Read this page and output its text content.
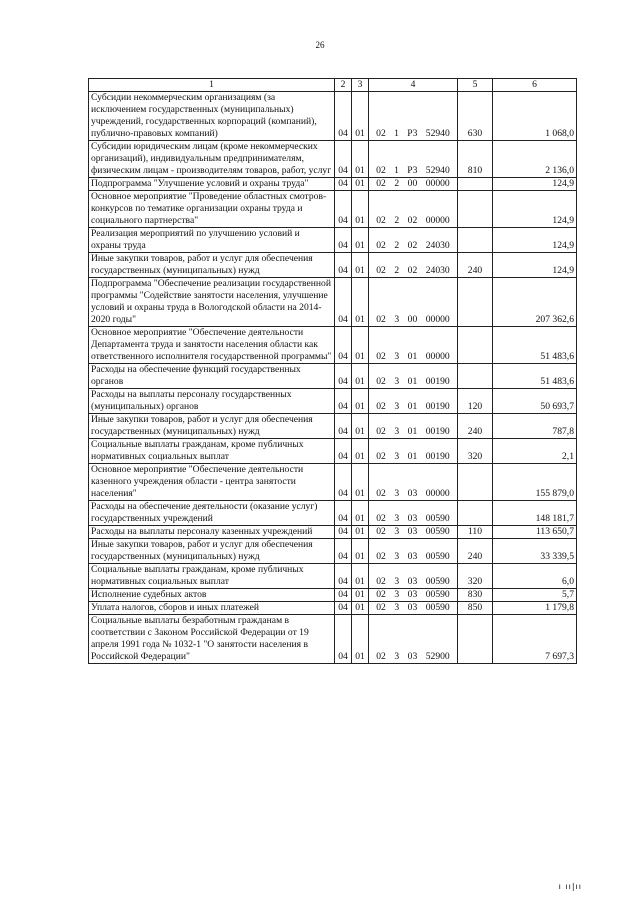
26
1	2	3	4	5	6
Субсидии некоммерческим организациям (за исключением государственных (муниципальных) учреждений, государственных корпораций (компаний), публично-правовых компаний)	04	01	02 1 P3 52940	630	1 068,0
Субсидии юридическим лицам (кроме некоммерческих организаций), индивидуальным предпринимателям, физическим лицам - производителям товаров, работ, услуг	04	01	02 1 P3 52940	810	2 136,0
Подпрограмма "Улучшение условий и охраны труда"	04	01	02 2 00 00000		124,9
Основное мероприятие "Проведение областных смотров-конкурсов по тематике организации охраны труда и социального партнерства"	04	01	02 2 02 00000		124,9
Реализация мероприятий по улучшению условий и охраны труда	04	01	02 2 02 24030		124,9
Иные закупки товаров, работ и услуг для обеспечения государственных (муниципальных) нужд	04	01	02 2 02 24030	240	124,9
Подпрограмма "Обеспечение реализации государственной программы "Содействие занятости населения, улучшение условий и охраны труда в Вологодской области на 2014-2020 годы"	04	01	02 3 00 00000		207 362,6
Основное мероприятие "Обеспечение деятельности Департамента труда и занятости населения области как ответственного исполнителя государственной программы"	04	01	02 3 01 00000		51 483,6
Расходы на обеспечение функций государственных органов	04	01	02 3 01 00190		51 483,6
Расходы на выплаты персоналу государственных (муниципальных) органов	04	01	02 3 01 00190	120	50 693,7
Иные закупки товаров, работ и услуг для обеспечения государственных (муниципальных) нужд	04	01	02 3 01 00190	240	787,8
Социальные выплаты гражданам, кроме публичных нормативных социальных выплат	04	01	02 3 01 00190	320	2,1
Основное мероприятие "Обеспечение деятельности казенного учреждения области - центра занятости населения"	04	01	02 3 03 00000		155 879,0
Расходы на обеспечение деятельности (оказание услуг) государственных учреждений	04	01	02 3 03 00590		148 181,7
Расходы на выплаты персоналу казенных учреждений	04	01	02 3 03 00590	110	113 650,7
Иные закупки товаров, работ и услуг для обеспечения государственных (муниципальных) нужд	04	01	02 3 03 00590	240	33 339,5
Социальные выплаты гражданам, кроме публичных нормативных социальных выплат	04	01	02 3 03 00590	320	6,0
Исполнение судебных актов	04	01	02 3 03 00590	830	5,7
Уплата налогов, сборов и иных платежей	04	01	02 3 03 00590	850	1 179,8
Социальные выплаты безработным гражданам в соответствии с Законом Российской Федерации от 19 апреля 1991 года № 1032-1 "О занятости населения в Российской Федерации"	04	01	02 3 03 52900		7 697,3
ı ıı|ıı
